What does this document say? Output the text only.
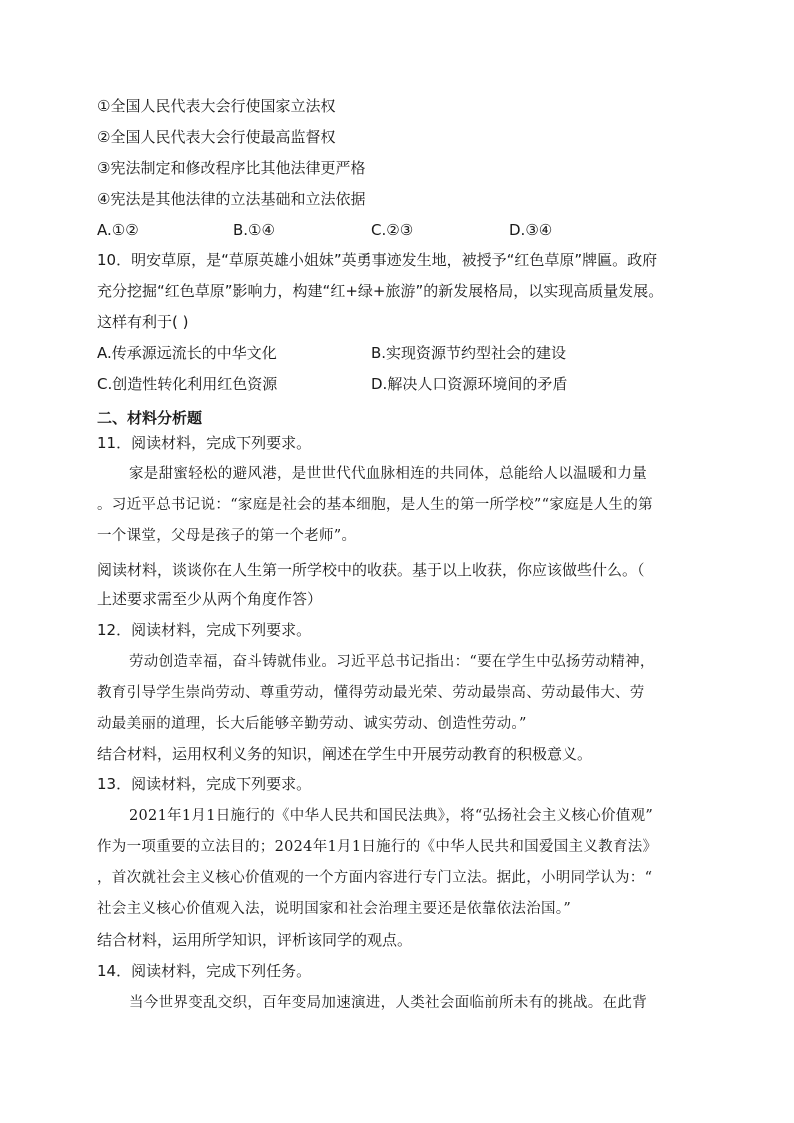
①全国人民代表大会行使国家立法权
②全国人民代表大会行使最高监督权
③宪法制定和修改程序比其他法律更严格
④宪法是其他法律的立法基础和立法依据
A.①②	B.①④	C.②③	D.③④
10．明安草原，是“草原英雄小姐妹”英勇事迹发生地，被授予“红色草原”牌匾。政府
充分挖掘“红色草原”影响力，构建“红+绿+旅游”的新发展格局，以实现高质量发展。
这样有利于( )
A.传承源远流长的中华文化	B.实现资源节约型社会的建设
C.创造性转化利用红色资源	D.解决人口资源环境间的矛盾
二、材料分析题
11．阅读材料，完成下列要求。
家是甜蜜轻松的避风港，是世世代代血脉相连的共同体，总能给人以温暖和力量
。习近平总书记说：“家庭是社会的基本细胞，是人生的第一所学校”“家庭是人生的第
一个课堂，父母是孩子的第一个老师”。
阅读材料，谈谈你在人生第一所学校中的收获。基于以上收获，你应该做些什么。（
上述要求需至少从两个角度作答）
12．阅读材料，完成下列要求。
劳动创造幸福，奋斗铸就伟业。习近平总书记指出：“要在学生中弘扬劳动精神，
教育引导学生崇尚劳动、尊重劳动，懂得劳动最光荣、劳动最崇高、劳动最伟大、劳
动最美丽的道理，长大后能够辛勤劳动、诚实劳动、创造性劳动。”
结合材料，运用权利义务的知识，阐述在学生中开展劳动教育的积极意义。
13．阅读材料，完成下列要求。
2021年1月1日施行的《中华人民共和国民法典》，将“弘扬社会主义核心价值观”
作为一项重要的立法目的；2024年1月1日施行的《中华人民共和国爱国主义教育法》
，首次就社会主义核心价值观的一个方面内容进行专门立法。据此，小明同学认为：“
社会主义核心价值观入法，说明国家和社会治理主要还是依靠依法治国。”
结合材料，运用所学知识，评析该同学的观点。
14．阅读材料，完成下列任务。
当今世界变乱交织，百年变局加速演进，人类社会面临前所未有的挑战。在此背
